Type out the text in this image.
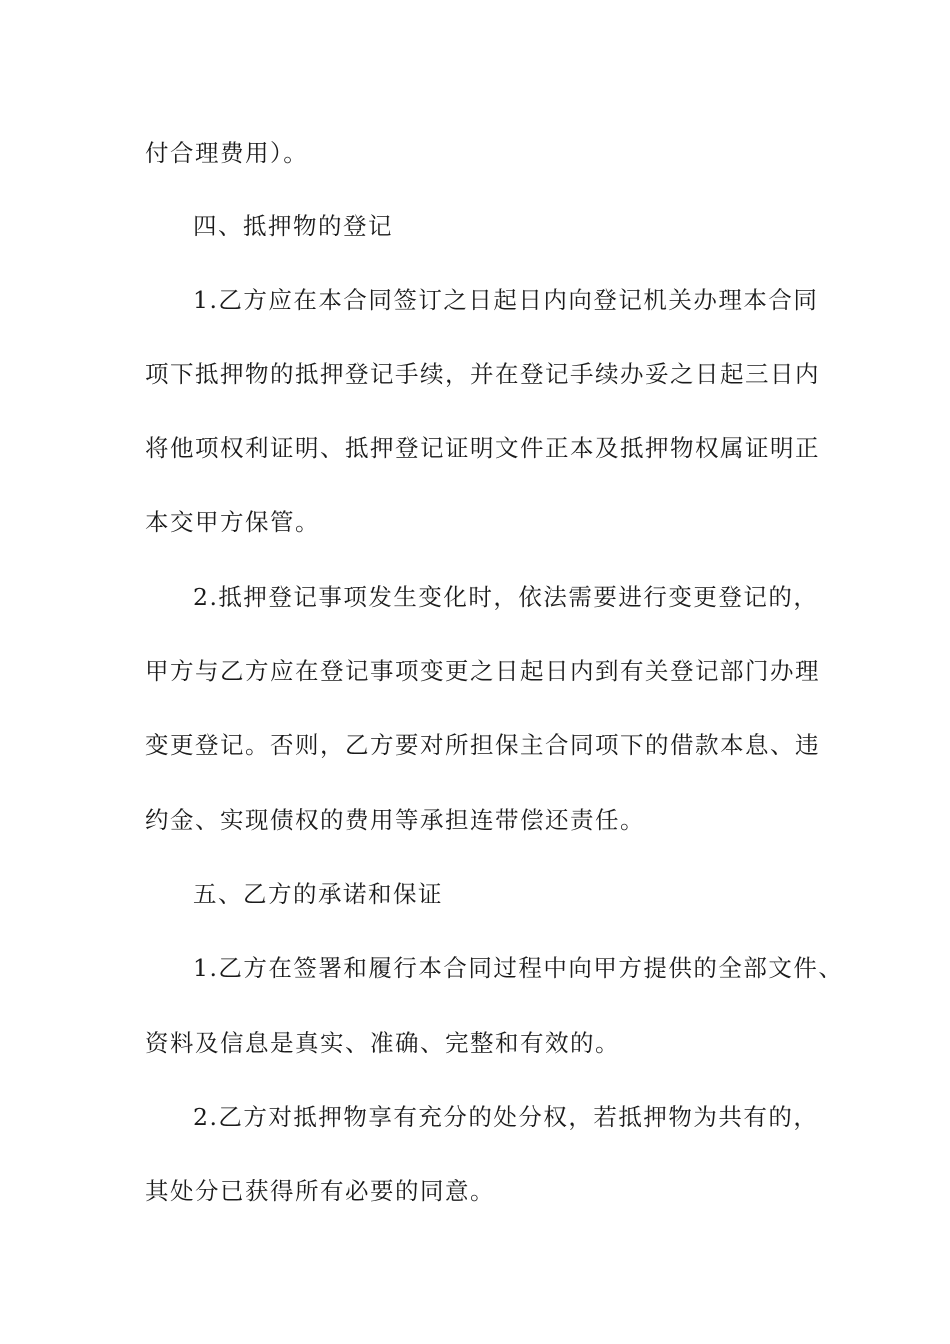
付合理费用）。
四、抵押物的登记
1.乙方应在本合同签订之日起日内向登记机关办理本合同
项下抵押物的抵押登记手续，并在登记手续办妥之日起三日内
将他项权利证明、抵押登记证明文件正本及抵押物权属证明正
本交甲方保管。
2.抵押登记事项发生变化时，依法需要进行变更登记的，
甲方与乙方应在登记事项变更之日起日内到有关登记部门办理
变更登记。否则，乙方要对所担保主合同项下的借款本息、违
约金、实现债权的费用等承担连带偿还责任。
五、乙方的承诺和保证
1.乙方在签署和履行本合同过程中向甲方提供的全部文件、
资料及信息是真实、准确、完整和有效的。
2.乙方对抵押物享有充分的处分权，若抵押物为共有的，
其处分已获得所有必要的同意。
